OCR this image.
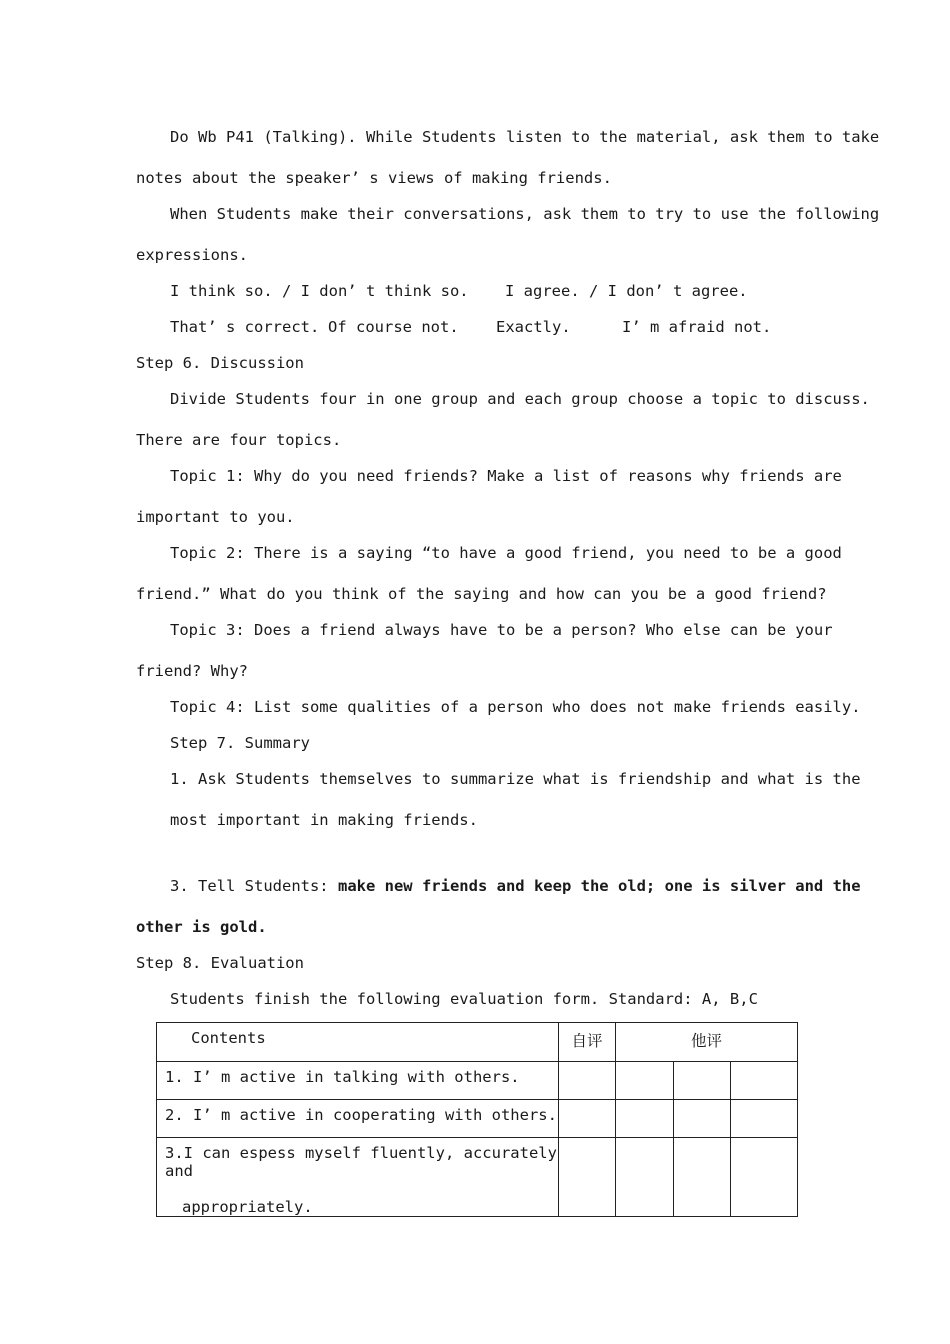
Do Wb P41 (Talking). While Students listen to the material, ask them to take
notes about the speaker’ s views of making friends.
When Students make their conversations, ask them to try to use the following
expressions.
I think so. / I don’ t think so. I agree. / I don’ t agree.
That’ s correct. Of course not. Exactly.	I’ m afraid not.
Step 6. Discussion
Divide Students four in one group and each group choose a topic to discuss.
There are four topics.
Topic 1: Why do you need friends? Make a list of reasons why friends are
important to you.
Topic 2: There is a saying “to have a good friend, you need to be a good
friend.” What do you think of the saying and how can you be a good friend?
Topic 3: Does a friend always have to be a person? Who else can be your
friend? Why?
Topic 4: List some qualities of a person who does not make friends easily.
Step 7. Summary
1. Ask Students themselves to summarize what is friendship and what is the
most important in making friends.
3. Tell Students: make new friends and keep the old; one is silver and the
other is gold.
Step 8. Evaluation
Students finish the following evaluation form. Standard: A, B,C
Contents	自评	他评		

1. I’ m active in talking with others.				

2. I’ m active in cooperating with others.				

3.I can espess myself fluently, accurately and
appropriately.				
